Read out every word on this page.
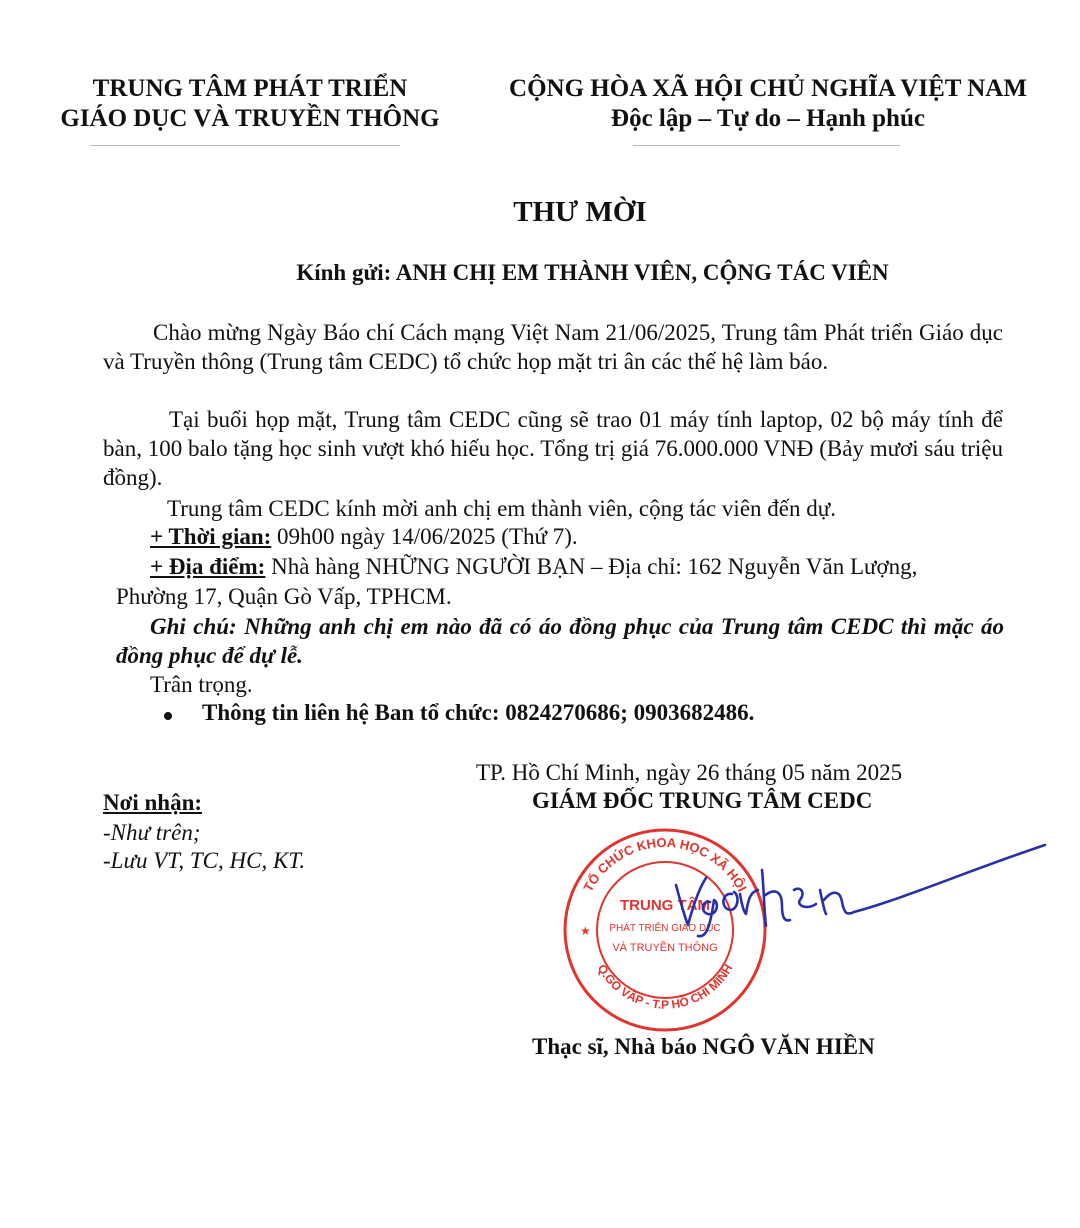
TRUNG TÂM PHÁT TRIỂN
GIÁO DỤC VÀ TRUYỀN THÔNG
CỘNG HÒA XÃ HỘI CHỦ NGHĨA VIỆT NAM
Độc lập – Tự do – Hạnh phúc
THƯ MỜI
Kính gửi: ANH CHỊ EM THÀNH VIÊN, CỘNG TÁC VIÊN
Chào mừng Ngày Báo chí Cách mạng Việt Nam 21/06/2025, Trung tâm Phát triển Giáo dục và Truyền thông (Trung tâm CEDC) tổ chức họp mặt tri ân các thế hệ làm báo.
Tại buổi họp mặt, Trung tâm CEDC cũng sẽ trao 01 máy tính laptop, 02 bộ máy tính để bàn, 100 balo tặng học sinh vượt khó hiếu học. Tổng trị giá 76.000.000 VNĐ (Bảy mươi sáu triệu đồng).
Trung tâm CEDC kính mời anh chị em thành viên, cộng tác viên đến dự.
+ Thời gian: 09h00 ngày 14/06/2025 (Thứ 7).
+ Địa điểm: Nhà hàng NHỮNG NGƯỜI BẠN – Địa chỉ: 162 Nguyễn Văn Lượng,
Phường 17, Quận Gò Vấp, TPHCM.
Ghi chú: Những anh chị em nào đã có áo đồng phục của Trung tâm CEDC thì mặc áo đồng phục để dự lễ.
Trân trọng.
Thông tin liên hệ Ban tổ chức: 0824270686; 0903682486.
TP. Hồ Chí Minh, ngày 26 tháng 05 năm 2025
GIÁM ĐỐC TRUNG TÂM CEDC
Nơi nhận:
-Như trên;
-Lưu VT, TC, HC, KT.
TỔ CHỨC KHOA HỌC XÃ HỘI
Q.GÒ VẤP - T.P HỒ CHÍ MINH
★
TRUNG TÂM
PHÁT TRIỂN GIÁO DỤC
VÀ TRUYỀN THÔNG
Thạc sĩ, Nhà báo NGÔ VĂN HIỀN
